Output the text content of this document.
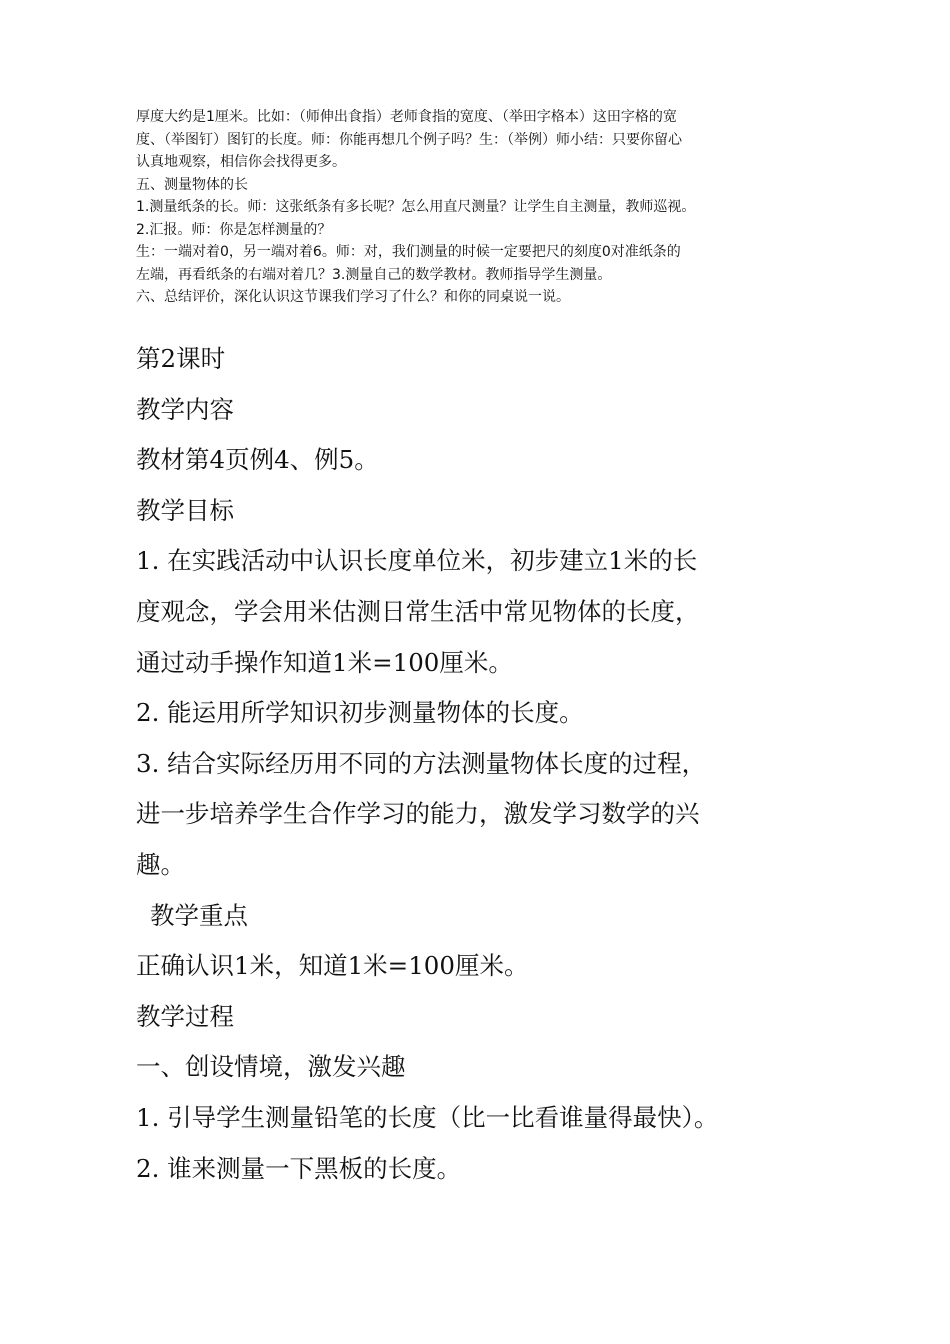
厚度大约是1厘米。比如：（师伸出食指）老师食指的宽度、（举田字格本）这田字格的宽

度、（举图钉）图钉的长度。师：你能再想几个例子吗？生：（举例）师小结：只要你留心

认真地观察，相信你会找得更多。

五、测量物体的长

1.测量纸条的长。师：这张纸条有多长呢？怎么用直尺测量？让学生自主测量，教师巡视。

2.汇报。师：你是怎样测量的？

生：一端对着0，另一端对着6。师：对，我们测量的时候一定要把尺的刻度0对准纸条的

左端，再看纸条的右端对着几？3.测量自己的数学教材。教师指导学生测量。

六、总结评价，深化认识这节课我们学习了什么？和你的同桌说一说。

第2课时

教学内容

教材第4页例4、例5。

教学目标

1. 在实践活动中认识长度单位米，初步建立1米的长

度观念，学会用米估测日常生活中常见物体的长度，

通过动手操作知道1米=100厘米。

2. 能运用所学知识初步测量物体的长度。

3. 结合实际经历用不同的方法测量物体长度的过程，

进一步培养学生合作学习的能力，激发学习数学的兴

趣。

教学重点

正确认识1米，知道1米=100厘米。

教学过程

一、创设情境，激发兴趣

1. 引导学生测量铅笔的长度（比一比看谁量得最快）。

2. 谁来测量一下黑板的长度。
